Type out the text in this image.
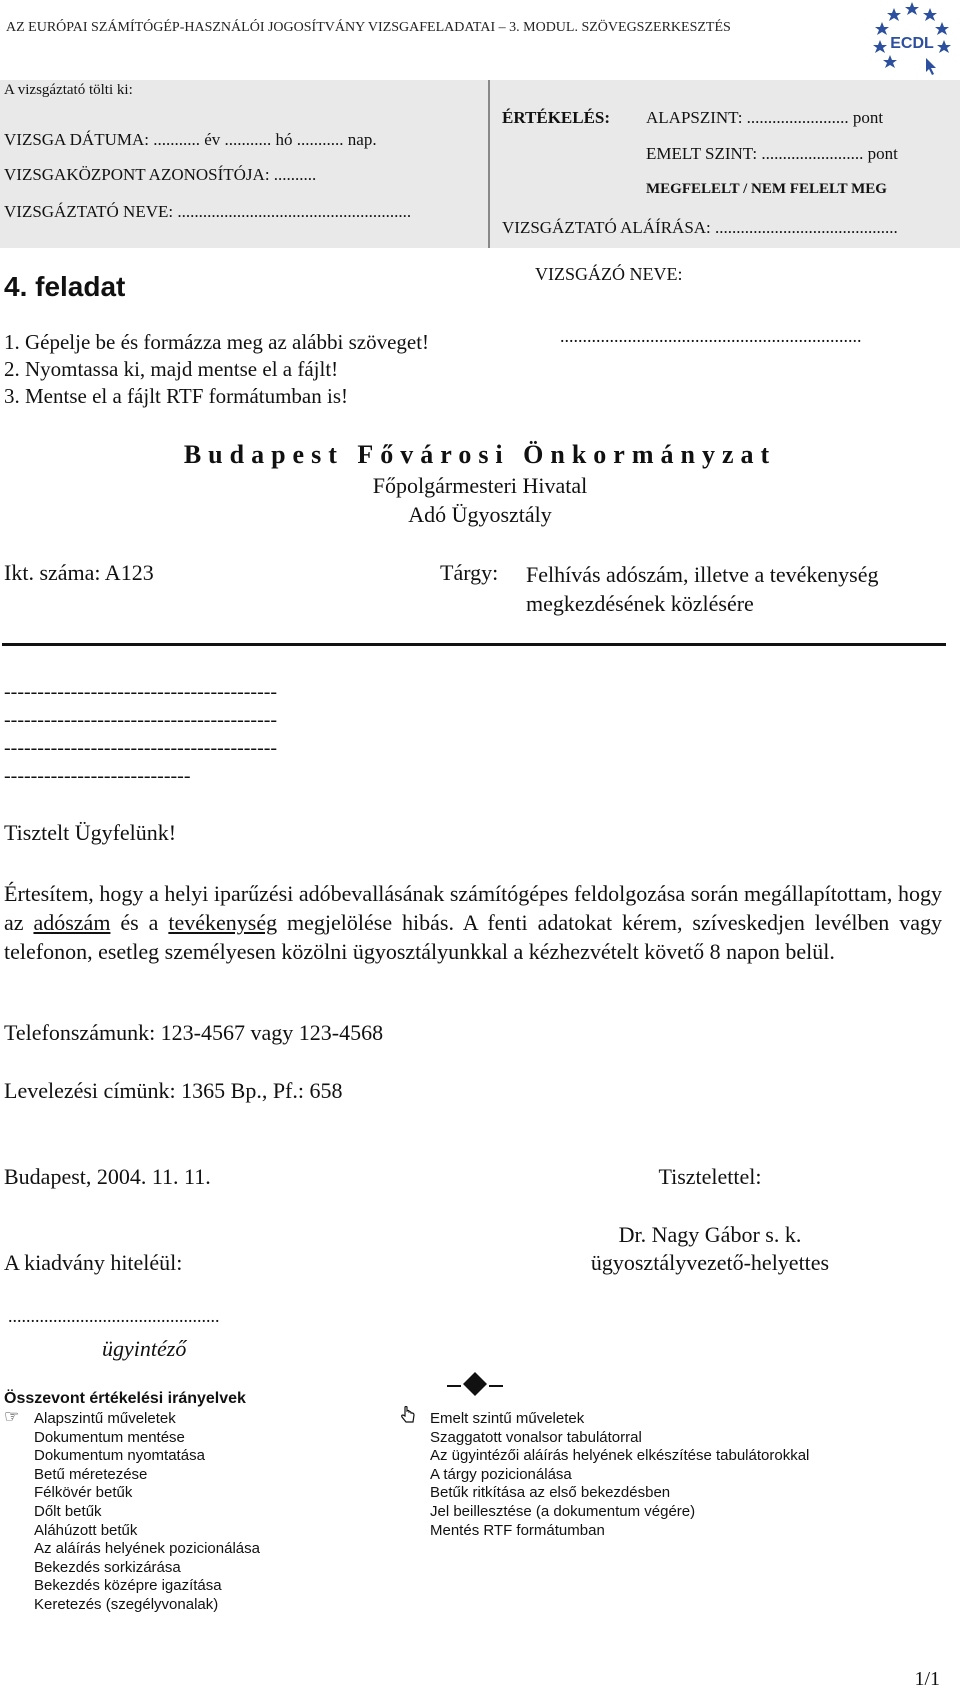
AZ EURÓPAI SZÁMÍTÓGÉP-HASZNÁLÓI JOGOSÍTVÁNY VIZSGAFELADATAI – 3. MODUL. SZÖVEGSZERKESZTÉS
ECDL
A vizsgáztató tölti ki:
VIZSGA DÁTUMA: ........... év ........... hó ........... nap.
VIZSGAKÖZPONT AZONOSÍTÓJA: ..........
VIZSGÁZTATÓ NEVE: .......................................................
ÉRTÉKELÉS: ALAPSZINT: ........................ pont
EMELT SZINT: ........................ pont
MEGFELELT / NEM FELELT MEG
VIZSGÁZTATÓ ALÁÍRÁSA: ...........................................
4. feladat
1. Gépelje be és formázza meg az alábbi szöveget!
2. Nyomtassa ki, majd mentse el a fájlt!
3. Mentse el a fájlt RTF formátumban is!
VIZSGÁZÓ NEVE:
...................................................................
Budapest Fővárosi Önkormányzat
Főpolgármesteri Hivatal
Adó Ügyosztály
Ikt. száma: A123	Tárgy: Felhívás adószám, illetve a tevékenység megkezdésének közlésére
-----------------------------------------
-----------------------------------------
-----------------------------------------
----------------------------
Tisztelt Ügyfelünk!
Értesítem, hogy a helyi iparűzési adóbevallásának számítógépes feldolgozása során megállapítottam, hogy az adószám és a tevékenység megjelölése hibás. A fenti adatokat kérem, szíveskedjen levélben vagy telefonon, esetleg személyesen közölni ügyosztályunkkal a kézhezvételt követő 8 napon belül.
Telefonszámunk: 123-4567 vagy 123-4568
Levelezési címünk: 1365 Bp., Pf.: 658
Budapest, 2004. 11. 11.	Tisztelettel:
Dr. Nagy Gábor s. k.
ügyosztályvezető-helyettes
A kiadvány hiteléül:
...............................................
ügyintéző
Összevont értékelési irányelvek
☞ Alapszintű műveletek
Dokumentum mentése
Dokumentum nyomtatása
Betű méretezése
Félkövér betűk
Dőlt betűk
Aláhúzott betűk
Az aláírás helyének pozicionálása
Bekezdés sorkizárása
Bekezdés középre igazítása
Keretezés (szegélyvonalak)
Emelt szintű műveletek
Szaggatott vonalsor tabulátorral
Az ügyintézői aláírás helyének elkészítése tabulátorokkal
A tárgy pozicionálása
Betűk ritkítása az első bekezdésben
Jel beillesztése (a dokumentum végére)
Mentés RTF formátumban
1/1
